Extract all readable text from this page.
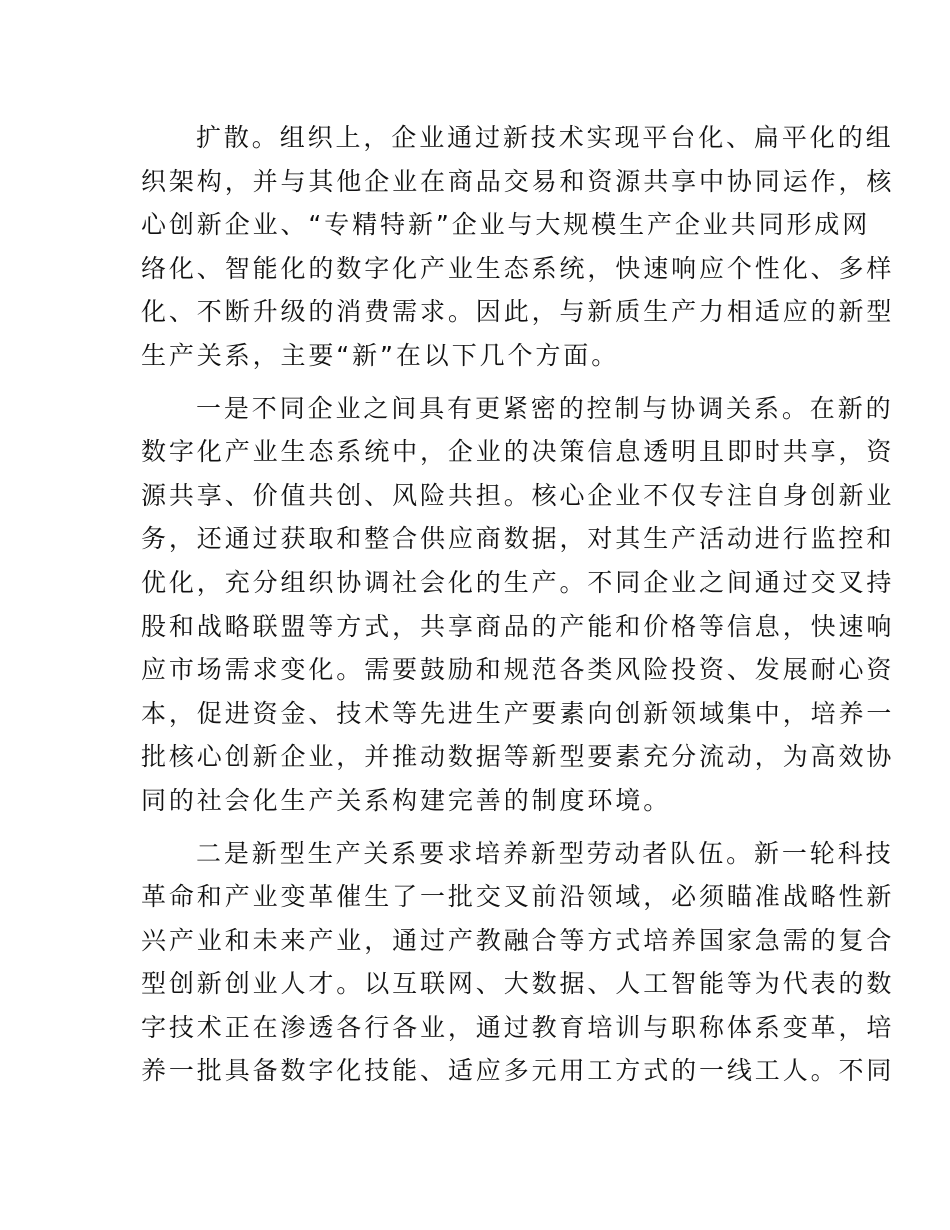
扩散。组织上，企业通过新技术实现平台化、扁平化的组
织架构，并与其他企业在商品交易和资源共享中协同运作，核
心创新企业、“专精特新”企业与大规模生产企业共同形成网
络化、智能化的数字化产业生态系统，快速响应个性化、多样
化、不断升级的消费需求。因此，与新质生产力相适应的新型
生产关系，主要“新”在以下几个方面。
一是不同企业之间具有更紧密的控制与协调关系。在新的
数字化产业生态系统中，企业的决策信息透明且即时共享，资
源共享、价值共创、风险共担。核心企业不仅专注自身创新业
务，还通过获取和整合供应商数据，对其生产活动进行监控和
优化，充分组织协调社会化的生产。不同企业之间通过交叉持
股和战略联盟等方式，共享商品的产能和价格等信息，快速响
应市场需求变化。需要鼓励和规范各类风险投资、发展耐心资
本，促进资金、技术等先进生产要素向创新领域集中，培养一
批核心创新企业，并推动数据等新型要素充分流动，为高效协
同的社会化生产关系构建完善的制度环境。
二是新型生产关系要求培养新型劳动者队伍。新一轮科技
革命和产业变革催生了一批交叉前沿领域，必须瞄准战略性新
兴产业和未来产业，通过产教融合等方式培养国家急需的复合
型创新创业人才。以互联网、大数据、人工智能等为代表的数
字技术正在渗透各行各业，通过教育培训与职称体系变革，培
养一批具备数字化技能、适应多元用工方式的一线工人。不同
